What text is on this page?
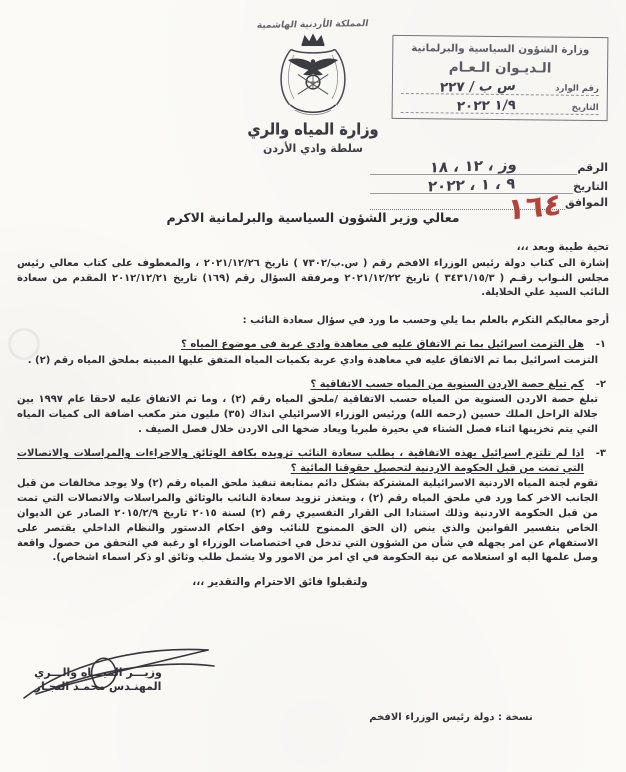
المملكة الأردنية الهاشمية
وزارة المياه والري
سلطة وادي الأردن
وزارة الشؤون السياسية والبرلمانية
الـديـوان الـعـام
رقم الوارد
س ب / ٢٢٧
التاريخ
١/٩ ٢٠٢٢
الرقم
وز ، ١٢ ، ١٨
التاريخ
٩ ، ١ ، ٢٠٢٢
الموافق
١٦٤
معالي وزير الشؤون السياسية والبرلمانية الاكرم
تحية طيبة وبعد ،،،

إشارة الى كتاب دولة رئيس الوزراء الافخم رقم ( س.ب/٧٣٠٢ ) تاريخ ٢٠٢١/١٢/٢٦ ، والمعطوف على كتاب معالي رئيس مجلس النـواب رقـم ( ٣٤٣١/١٥/٣ ) تاريخ ٢٠٢١/١٢/٢٢ ومرفقة السؤال رقم (١٦٩) تاريخ ٢٠١٢/١٢/٢١ المقدم من سعادة النائب السيد علي الخلايلة.

أرجو معاليكم التكرم بالعلم بما يلي وحسب ما ورد في سؤال سعادة النائب :
١-
هل التزمت اسرائيل بما تم الاتفاق عليه في معاهدة وادي عربة في موضوع المياه ؟
التزمت اسرائيل بما تم الاتفاق عليه في معاهدة وادي عربة بكميات المياه المتفق عليها المبينه بملحق المياه رقم (٢) .
٢-
كم تبلغ حصة الاردن السنوية من المياه حسب الاتفاقية ؟
تبلغ حصة الاردن السنوية من المياه حسب الاتفاقية /ملحق المياه رقم (٢) ، وما تم الاتفاق عليه لاحقا عام ١٩٩٧ بين جلالة الراحل الملك حسين (رحمه الله) ورئيس الوزراء الاسرائيلي انذاك (٣٥) مليون متر مكعب اضافة الى كميات المياه التي يتم تخزينها اثناء فصل الشتاء في بحيرة طبريا ويعاد ضخها الى الاردن خلال فصل الصيف .
٣-
اذا لم تلتزم اسرائيل بهذه الاتفاقية ، يطلب سعادة النائب تزويده بكافة الوثائق والاجراءات والمراسلات والاتصالات التي تمت من قبل الحكومة الاردنية لتحصيل حقوقنا المائية ؟
تقوم لجنة المياه الاردنية الاسرائيلية المشتركة بشكل دائم بمتابعة تنفيذ ملحق المياه رقم (٢) ولا يوجد مخالفات من قبل الجانب الاخر كما ورد في ملحق المياه رقم (٢) ، ويتعذر تزويد سعادة النائب بالوثائق والمراسلات والاتصالات التي تمت من قبل الحكومة الاردنية وذلك استنادا الى القرار التفسيري رقم (٢) لسنة ٢٠١٥ تاريخ ٢٠١٥/٢/٩ الصادر عن الديوان الخاص بتفسير القوانين والذي ينص (ان الحق الممنوح للنائب وفق احكام الدستور والنظام الداخلي يقتصر على الاستفهام عن امر يجهله في شأن من الشؤون التي تدخل في اختصاصات الوزراء او رغبة في التحقق من حصول واقعة وصل علمها اليه او استعلامه عن نية الحكومة في اي امر من الامور ولا يشمل طلب وثائق او ذكر اسماء اشخاص).
ولتقبلوا فائق الاحترام والتقدير ،،،
وزيـــر الميـــاه والـــري
المهنـدس محمـد النجـار
نسخة : دولة رئيس الوزراء الافخم
